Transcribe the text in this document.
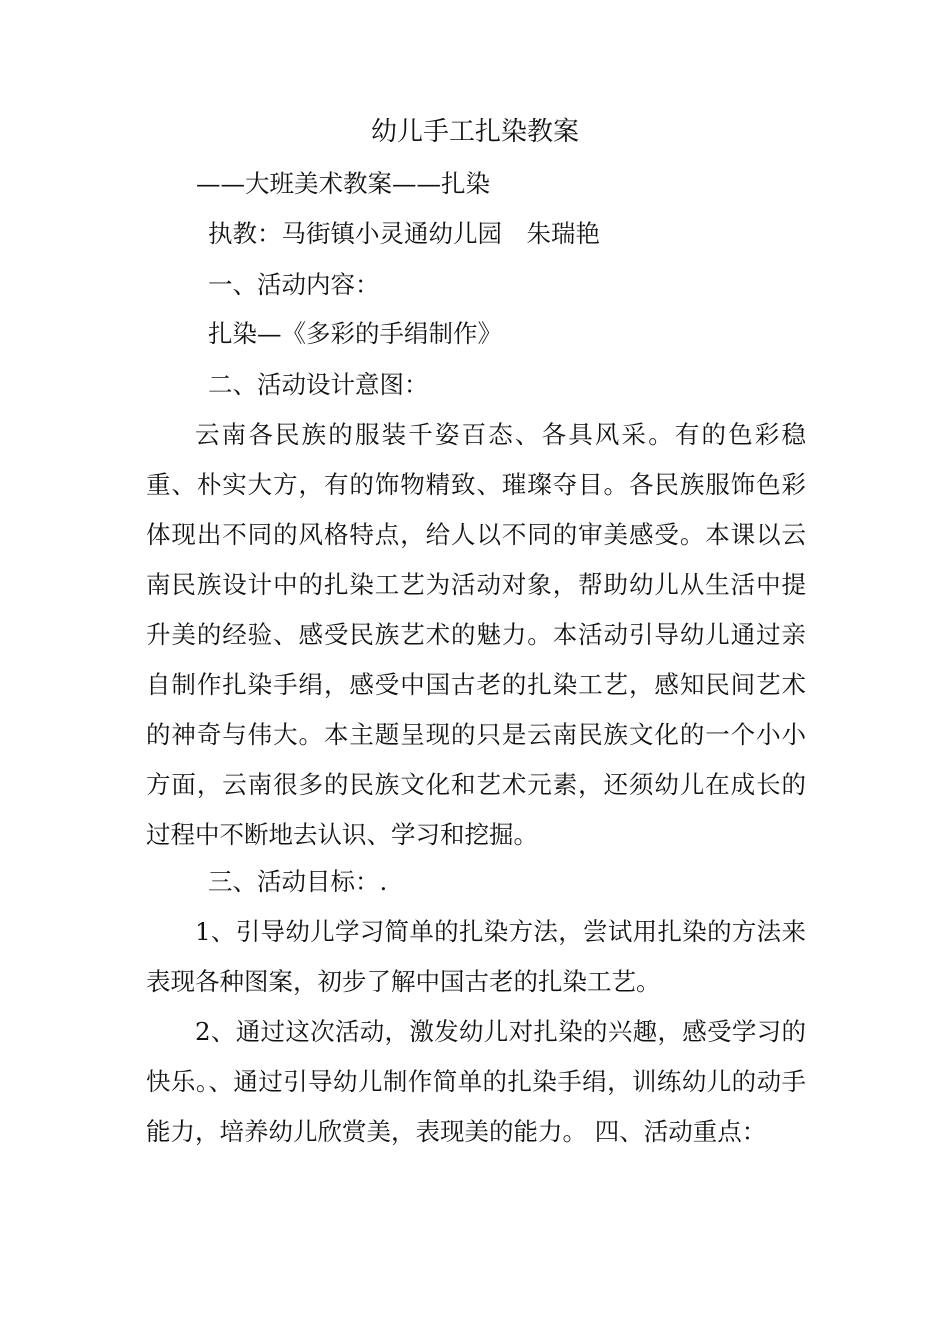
幼儿手工扎染教案

——大班美术教案——扎染

执教：马街镇小灵通幼儿园　朱瑞艳

一、活动内容：

扎染—《多彩的手绢制作》

二、活动设计意图：

云南各民族的服装千姿百态、各具风采。有的色彩稳重、朴实大方，有的饰物精致、璀璨夺目。各民族服饰色彩体现出不同的风格特点，给人以不同的审美感受。本课以云南民族设计中的扎染工艺为活动对象，帮助幼儿从生活中提升美的经验、感受民族艺术的魅力。本活动引导幼儿通过亲自制作扎染手绢，感受中国古老的扎染工艺，感知民间艺术的神奇与伟大。本主题呈现的只是云南民族文化的一个小小方面，云南很多的民族文化和艺术元素，还须幼儿在成长的过程中不断地去认识、学习和挖掘。

三、活动目标：.

1、引导幼儿学习简单的扎染方法，尝试用扎染的方法来表现各种图案，初步了解中国古老的扎染工艺。

2、通过这次活动，激发幼儿对扎染的兴趣，感受学习的快乐。、通过引导幼儿制作简单的扎染手绢，训练幼儿的动手能力，培养幼儿欣赏美，表现美的能力。 四、活动重点：
